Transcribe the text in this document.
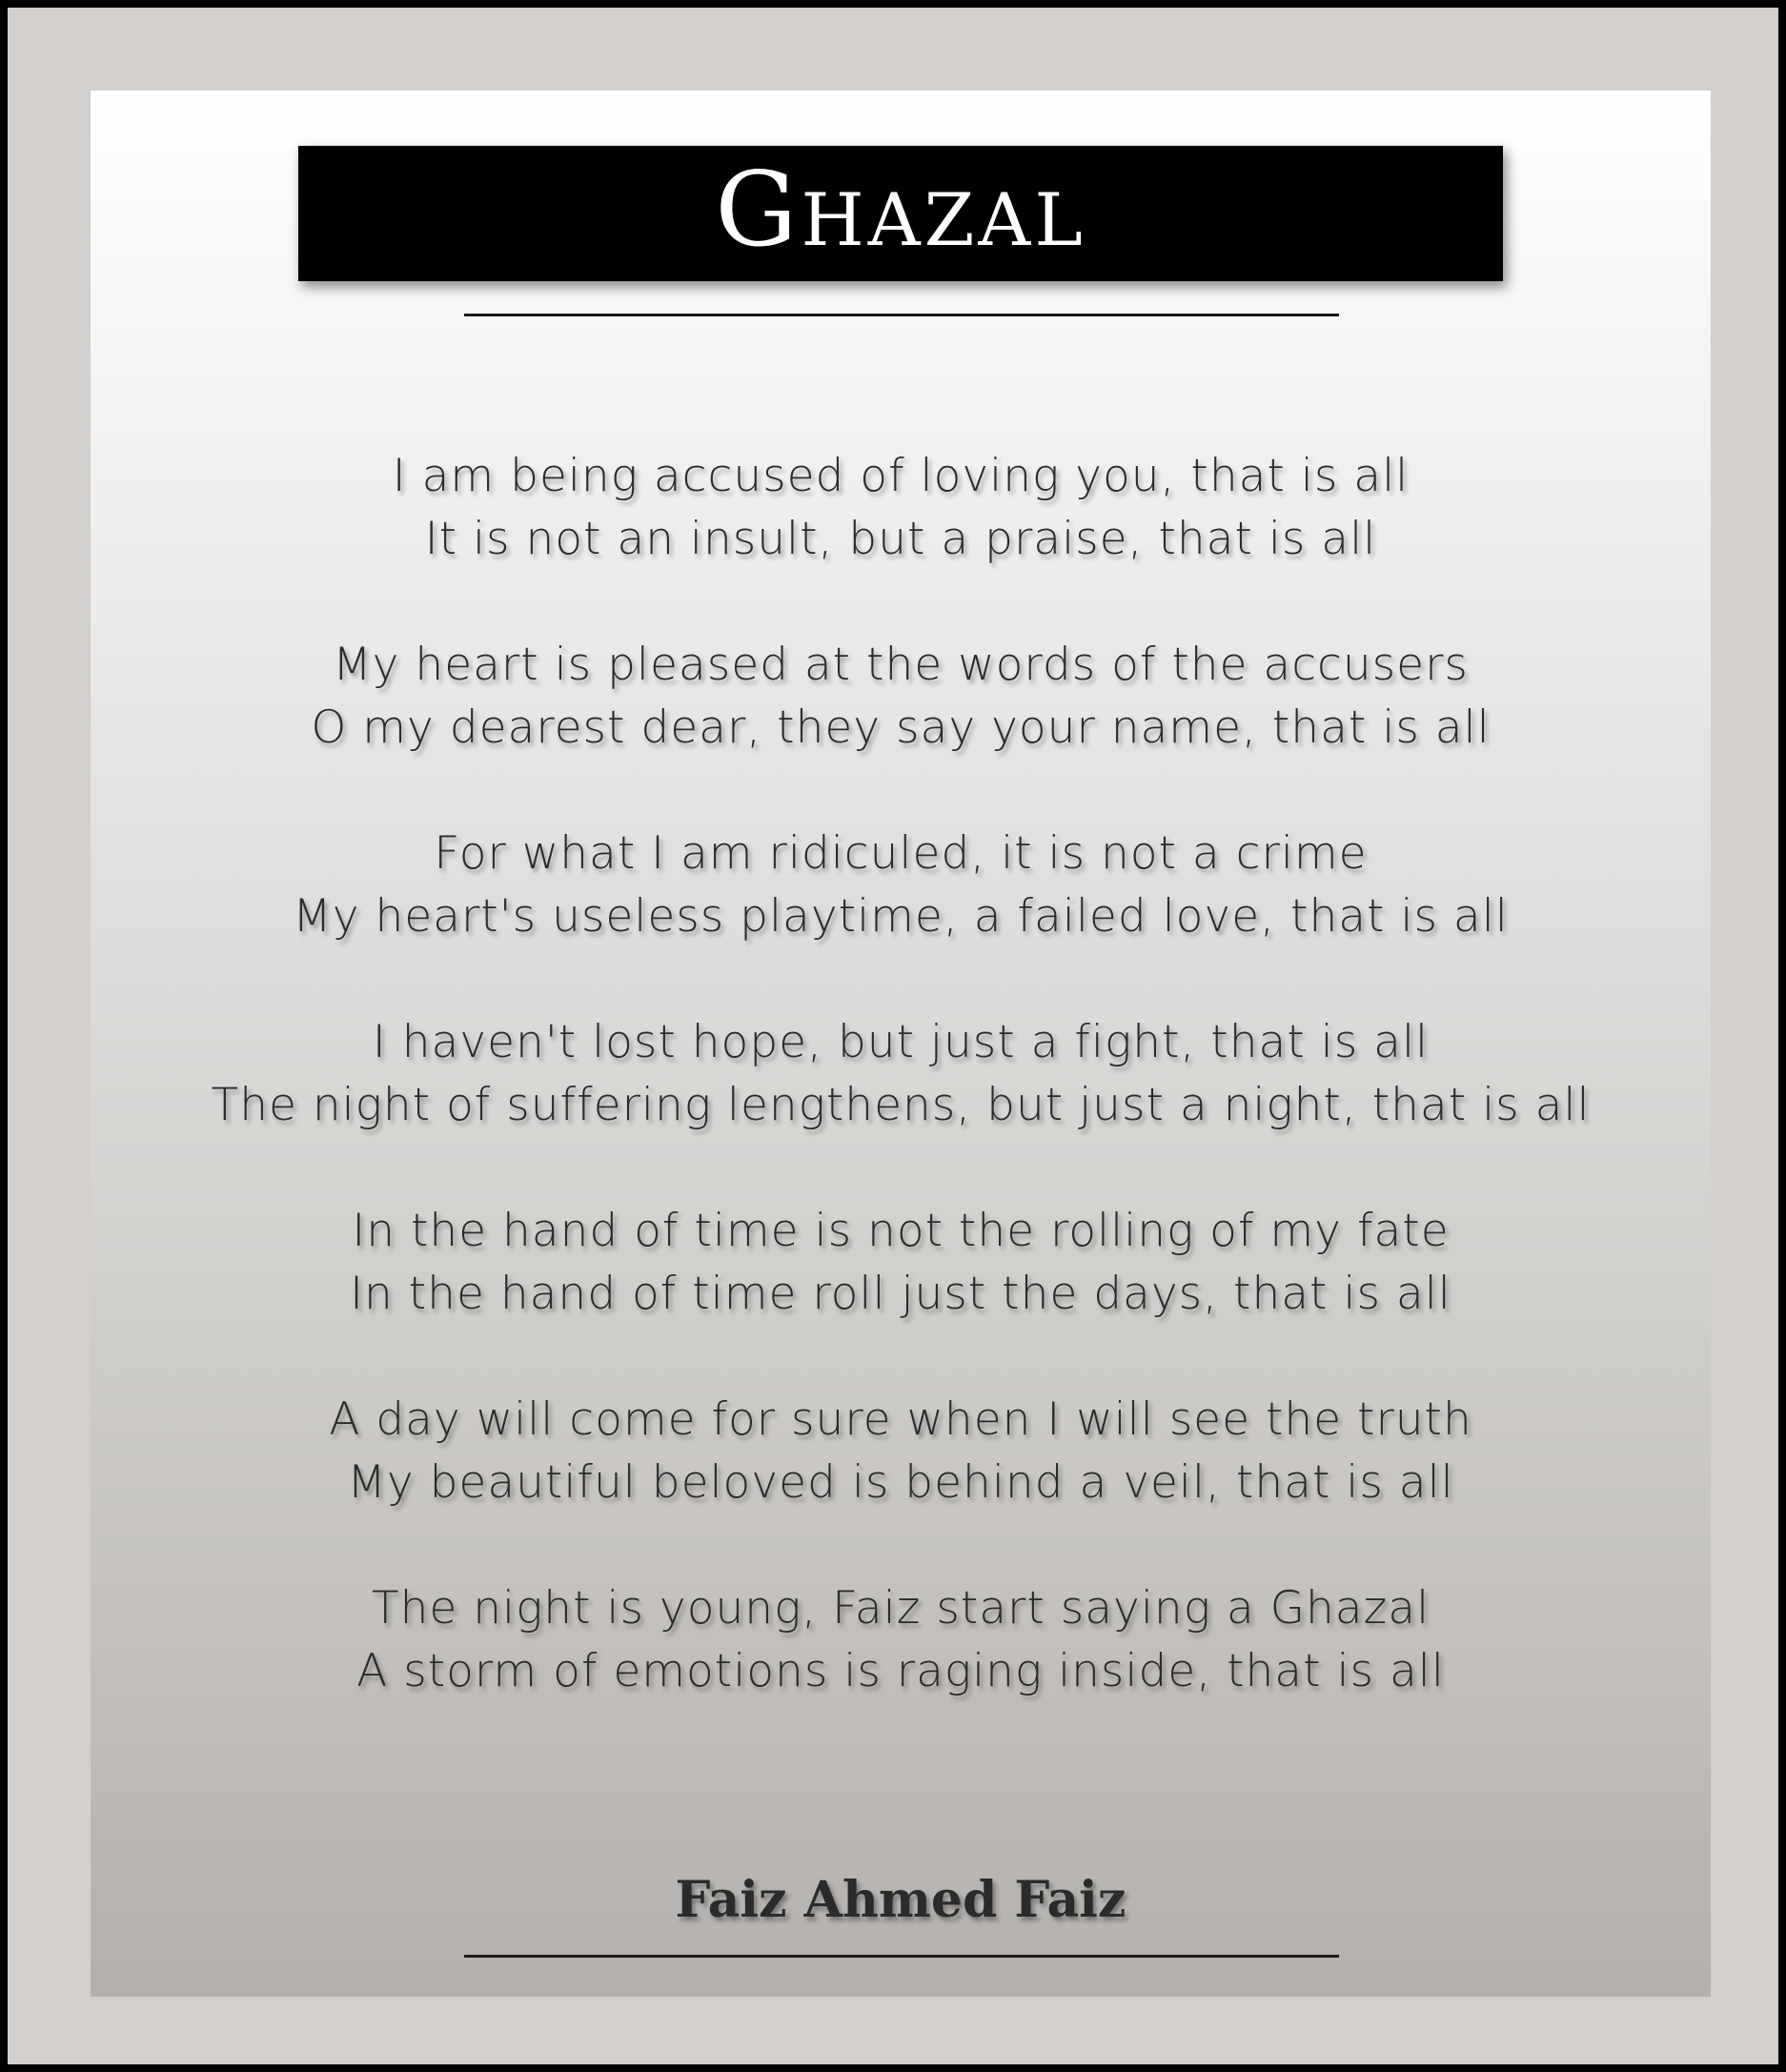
Ghazal
I am being accused of loving you, that is all
It is not an insult, but a praise, that is all
My heart is pleased at the words of the accusers
O my dearest dear, they say your name, that is all
For what I am ridiculed, it is not a crime
My heart's useless playtime, a failed love, that is all
I haven't lost hope, but just a fight, that is all
The night of suffering lengthens, but just a night, that is all
In the hand of time is not the rolling of my fate
In the hand of time roll just the days, that is all
A day will come for sure when I will see the truth
My beautiful beloved is behind a veil, that is all
The night is young, Faiz start saying a Ghazal
A storm of emotions is raging inside, that is all
Faiz Ahmed Faiz
